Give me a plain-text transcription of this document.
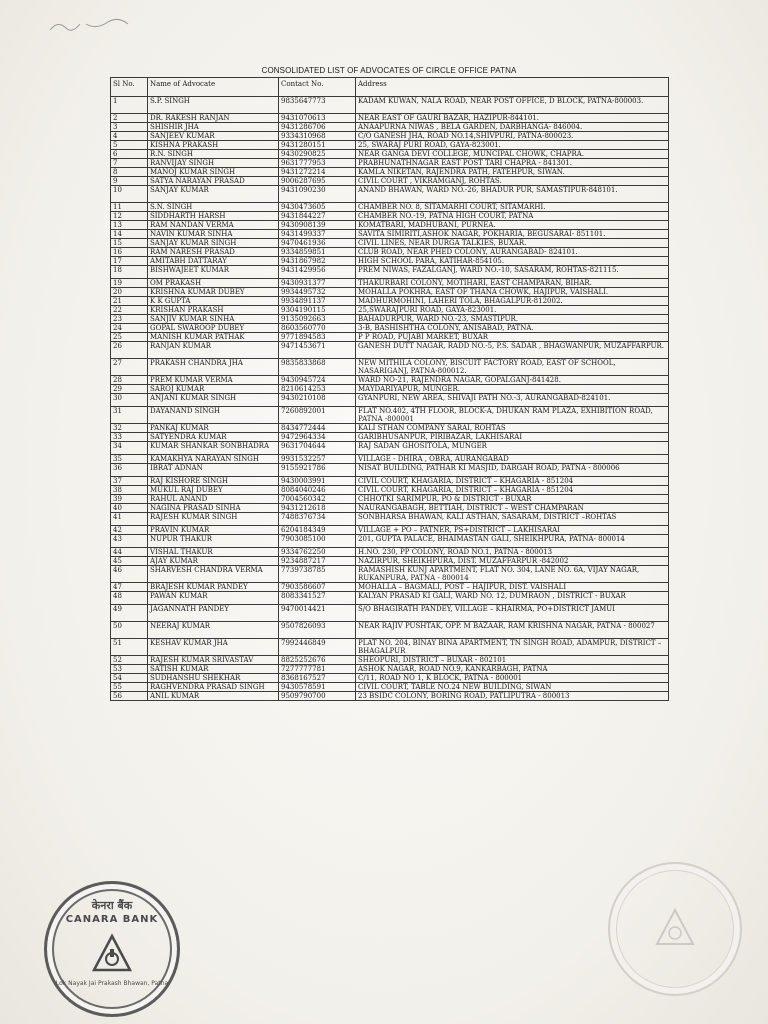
CONSOLIDATED LIST OF ADVOCATES OF CIRCLE OFFICE PATNA
Sl No.	Name of Advocate	Contact No.	Address
1	S.P. SINGH	9835647773	KADAM KUWAN, NALA ROAD, NEAR POST OFFICE, D BLOCK, PATNA-800003.
2	DR. RAKESH RANJAN	9431070613	NEAR EAST OF GAURI BAZAR, HAZIPUR-844101.
3	SHISHIR JHA	9431286706	ANAAPURNA NIWAS , BELA GARDEN, DARBHANGA- 846004.
4	SANJEEV KUMAR	9334310968	C/O GANESH JHA, ROAD NO.14,SHIVPURI, PATNA-800023.
5	KISHNA PRAKASH	9431280151	25, SWARAJ PURI ROAD, GAYA-823001.
6	R.N. SINGH	9430290825	NEAR GANGA DEVI COLLEGE, MUNCIPAL CHOWK, CHAPRA.
7	RANVIJAY SINGH	9631777953	PRABHUNATHNAGAR EAST POST TARI CHAPRA - 841301.
8	MANOJ KUMAR SINGH	9431272214	KAMLA NIKETAN, RAJENDRA PATH, FATEHPUR, SIWAN.
9	SATYA NARAYAN PRASAD	9006287695	CIVIL COURT , VIKRAMGANJ, ROHTAS.
10	SANJAY KUMAR	9431090230	ANAND BHAWAN, WARD NO.-26, BHADUR PUR, SAMASTIPUR-848101.
11	S.N. SINGH	9430473605	CHAMBER NO. 8, SITAMARHI COURT, SITAMARHI.
12	SIDDHARTH HARSH	9431844227	CHAMBER NO.-19, PATNA HIGH COURT, PATNA
13	RAM NANDAN VERMA	9430908139	KOMATBARI, MADHUBANI, PURNEA.
14	NAVIN KUMAR SINHA	9431499337	SAVITA SIMIRITI,ASHOK NAGAR, POKHARIA, BEGUSARAI- 851101.
15	SANJAY KUMAR SINGH	9470461936	CIVIL LINES, NEAR DURGA TALKIES, BUXAR.
16	RAM NARESH PRASAD	9334859851	CLUB ROAD, NEAR PHED COLONY, AURANGABAD- 824101.
17	AMITABH DATTARAY	9431867982	HIGH SCHOOL PARA, KATIHAR-854105.
18	BISHWAJEET KUMAR	9431429956	PREM NIWAS, FAZALGANJ, WARD NO.-10, SASARAM, ROHTAS-821115.
19	OM PRAKASH	9430931377	THAKURBARI COLONY, MOTIHARI, EAST CHAMPARAN, BIHAR.
20	KRISHNA KUMAR DUBEY	9934495732	MOHALLA POKHRA, EAST OF THANA CHOWK, HAJIPUR, VAISHALI.
21	K K GUPTA	9934891137	MADHURMOHINI, LAHERI TOLA, BHAGALPUR-812002.
22	KRISHAN PRAKASH	9304190115	25,SWARAJPURI ROAD, GAYA-823001.
23	SANJIV KUMAR SINHA	9135092663	BAHADURPUR, WARD NO.-23, SMASTIPUR.
24	GOPAL SWAROOP DUBEY	8603560770	3-B, BASHISHTHA COLONY, ANISABAD, PATNA.
25	MANISH KUMAR PATHAK	9771894583	P P ROAD, PUJABI MARKET, BUXAR
26	RANJAN KUMAR	9471453671	GANESH DUTT NAGAR, RADD NO.-5, P.S. SADAR , BHAGWANPUR, MUZAFFARPUR.
27	PRAKASH CHANDRA JHA	9835833868	NEW MITHILA COLONY, BISCUIT FACTORY ROAD, EAST OF SCHOOL, NASARIGANJ, PATNA-800012.
28	PREM KUMAR VERMA	9430945724	WARD NO-21, RAJENDRA NAGAR, GOPALGANJ-841428.
29	SAROJ KUMAR	8210614253	MAYDARIYAPUR, MUNGER.
30	ANJANI KUMAR SINGH	9430210108	GYANPURI, NEW AREA, SHIVAJI PATH NO.-3, AURANGABAD-824101.
31	DAYANAND SINGH	7260892001	FLAT NO.402, 4TH FLOOR, BLOCK-A, DHUKAN RAM PLAZA, EXHIBITION ROAD, PATNA -800001
32	PANKAJ KUMAR	8434772444	KALI STHAN COMPANY SARAI, ROHTAS
33	SATYENDRA KUMAR	9472964334	GARIBHUSANPUR, PIRIBAZAR, LAKHISARAI
34	KUMAR SHANKAR SONBHADRA	9631704644	RAJ SADAN GHOSITOLA, MUNGER
35	KAMAKHYA NARAYAN SINGH	9931532257	VILLAGE - DHIRA , OBRA, AURANGABAD
36	IBRAT ADNAN	9155921786	NISAT BUILDING, PATHAR KI MASJID, DARGAH ROAD, PATNA - 800006
37	RAJ KISHORE SINGH	9430003991	CIVIL COURT, KHAGARIA, DISTRICT – KHAGARIA - 851204
38	MUKUL RAJ DUBEY	8084040246	CIVIL COURT, KHAGARIA, DISTRICT – KHAGARIA - 851204
39	RAHUL ANAND	7004560342	CHHOTKI SARIMPUR, PO & DISTRICT - BUXAR
40	NAGINA PRASAD SINHA	9431212618	NAURANGABAGH, BETTIAH, DISTRICT – WEST CHAMPARAN
41	RAJESH KUMAR SINGH	7488376734	SONBHARSA BHAWAN, KALI ASTHAN, SASARAM, DISTRICT –ROHTAS
42	PRAVIN KUMAR	6204184349	VILLAGE + PO – PATNER, PS+DISTRICT – LAKHISARAI
43	NUPUR THAKUR	7903085100	201, GUPTA PALACE, BHAIMASTAN GALI, SHEIKHPURA, PATNA- 800014
44	VISHAL THAKUR	9334762250	H.NO. 230, PP COLONY, ROAD NO.1, PATNA - 800013
45	AJAY KUMAR	9234887217	NAZIRPUR, SHEIKHPURA, DIST. MUZAFFARPUR -842002
46	SHARVESH CHANDRA VERMA	7739738785	RAMASHISH KUNJ APARTMENT, FLAT NO. 304, LANE NO. 6A, VIJAY NAGAR, RUKANPURA, PATNA - 800014
47	BRAJESH KUMAR PANDEY	7903586607	MOHALLA – BAGMALI, POST – HAJIPUR, DIST. VAISHALI
48	PAWAN KUMAR	8083341527	KALYAN PRASAD KI GALI, WARD NO. 12, DUMRAON , DISTRICT - BUXAR
49	JAGANNATH PANDEY	9470014421	S/O BHAGIRATH PANDEY, VILLAGE – KHAIRMA, PO+DISTRICT JAMUI
50	NEERAJ KUMAR	9507826093	NEAR RAJIV PUSHTAK, OPP. M BAZAAR, RAM KRISHNA NAGAR, PATNA - 800027
51	KESHAV KUMAR JHA	7992446849	PLAT NO. 204, BINAY BINA APARTMENT, TN SINGH ROAD, ADAMPUR, DISTRICT – BHAGALPUR
52	RAJESH KUMAR SRIVASTAV	8825252676	SHEOPURI, DISTRICT – BUXAR - 802101
53	SATISH KUMAR	7277777781	ASHOK NAGAR, ROAD NO.9, KANKARBAGH, PATNA
54	SUDHANSHU SHEKHAR	8368167527	C/11, ROAD NO 1, K BLOCK, PATNA - 800001
55	RAGHVENDRA PRASAD SINGH	9430578591	CIVIL COURT, TABLE NO.24 NEW BUILDING, SIWAN
56	ANIL KUMAR	9509790700	23 BSIDC COLONY, BORING ROAD, PATLIPUTRA - 800013
केनरा बैंक
CANARA BANK
Lok Nayak Jai Prakash Bhawan, Patna
